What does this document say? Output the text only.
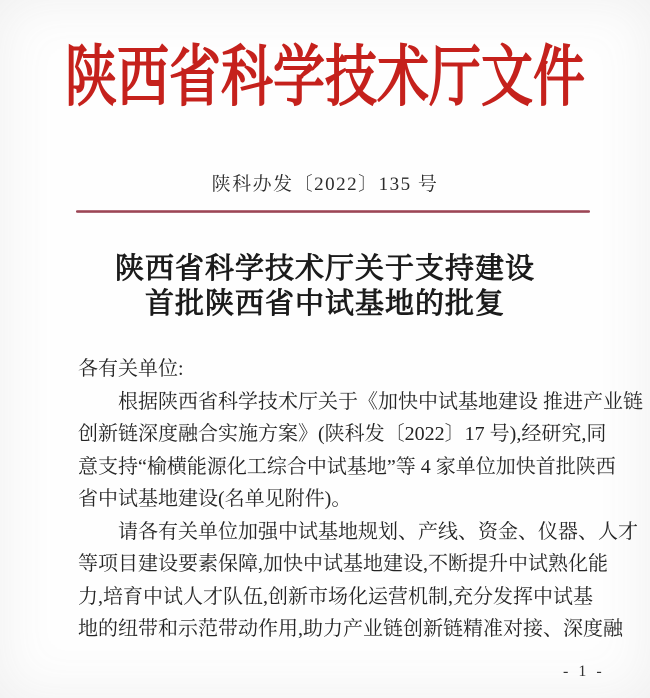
陕西省科学技术厅文件
陕科办发〔2022〕135 号
陕西省科学技术厅关于支持建设
首批陕西省中试基地的批复
各有关单位:
根据陕西省科学技术厅关于《加快中试基地建设 推进产业链
创新链深度融合实施方案》(陕科发〔2022〕17 号),经研究,同
意支持“榆横能源化工综合中试基地”等 4 家单位加快首批陕西
省中试基地建设(名单见附件)。
请各有关单位加强中试基地规划、产线、资金、仪器、人才
等项目建设要素保障,加快中试基地建设,不断提升中试熟化能
力,培育中试人才队伍,创新市场化运营机制,充分发挥中试基
地的纽带和示范带动作用,助力产业链创新链精准对接、深度融
- 1 -
